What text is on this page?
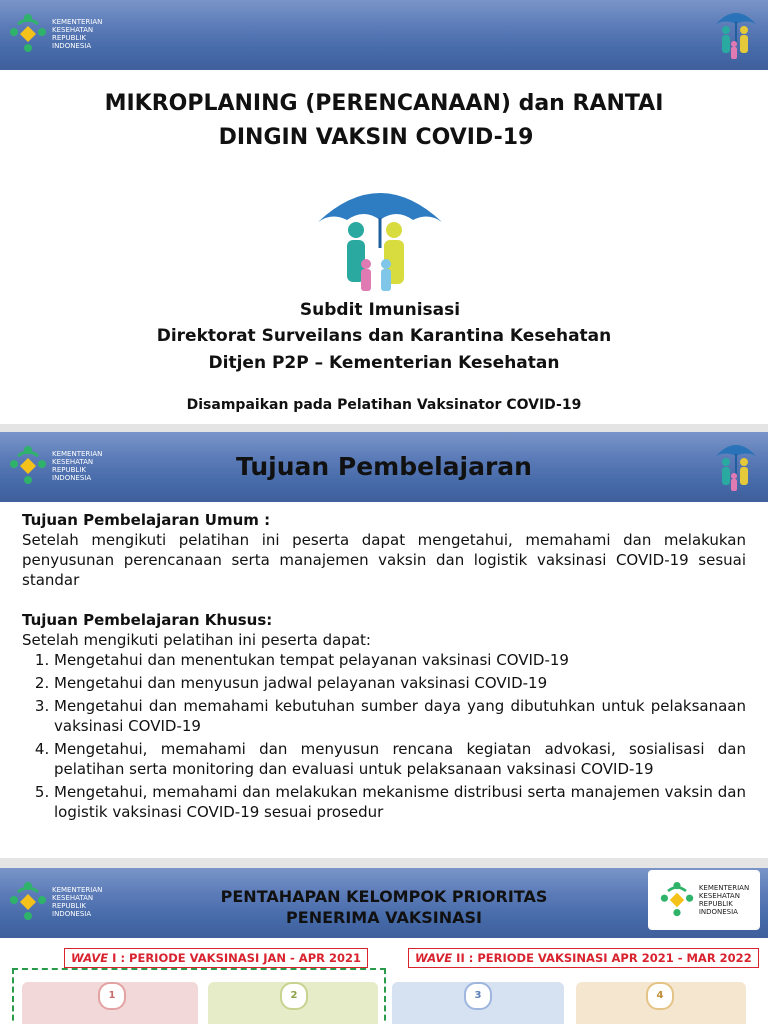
KEMENTERIAN
KESEHATAN
REPUBLIK
INDONESIA
MIKROPLANING (PERENCANAAN) dan RANTAI
DINGIN VAKSIN COVID-19
Subdit Imunisasi
Direktorat Surveilans dan Karantina Kesehatan
Ditjen P2P – Kementerian Kesehatan
Disampaikan pada Pelatihan Vaksinator COVID-19
KEMENTERIAN
KESEHATAN
REPUBLIK
INDONESIA	Tujuan Pembelajaran
Tujuan Pembelajaran Umum :
Setelah mengikuti pelatihan ini peserta dapat mengetahui, memahami dan melakukan penyusunan perencanaan serta manajemen vaksin dan logistik vaksinasi COVID-19 sesuai standar
Tujuan Pembelajaran Khusus:
Setelah mengikuti pelatihan ini peserta dapat:
1. Mengetahui dan menentukan tempat pelayanan vaksinasi COVID-19
2. Mengetahui dan menyusun jadwal pelayanan vaksinasi COVID-19
3. Mengetahui dan memahami kebutuhan sumber daya yang dibutuhkan untuk pelaksanaan vaksinasi COVID-19
4. Mengetahui, memahami dan menyusun rencana kegiatan advokasi, sosialisasi dan pelatihan serta monitoring dan evaluasi untuk pelaksanaan vaksinasi COVID-19
5. Mengetahui, memahami dan melakukan mekanisme distribusi serta manajemen vaksin dan logistik vaksinasi COVID-19 sesuai prosedur
KEMENTERIAN
KESEHATAN
REPUBLIK
INDONESIA
PENTAHAPAN KELOMPOK PRIORITAS
PENERIMA VAKSINASI
KEMENTERIAN
KESEHATAN
REPUBLIK
INDONESIA
WAVE I : PERIODE VAKSINASI JAN - APR 2021	WAVE II : PERIODE VAKSINASI APR 2021 - MAR 2022
1	2	3	4
